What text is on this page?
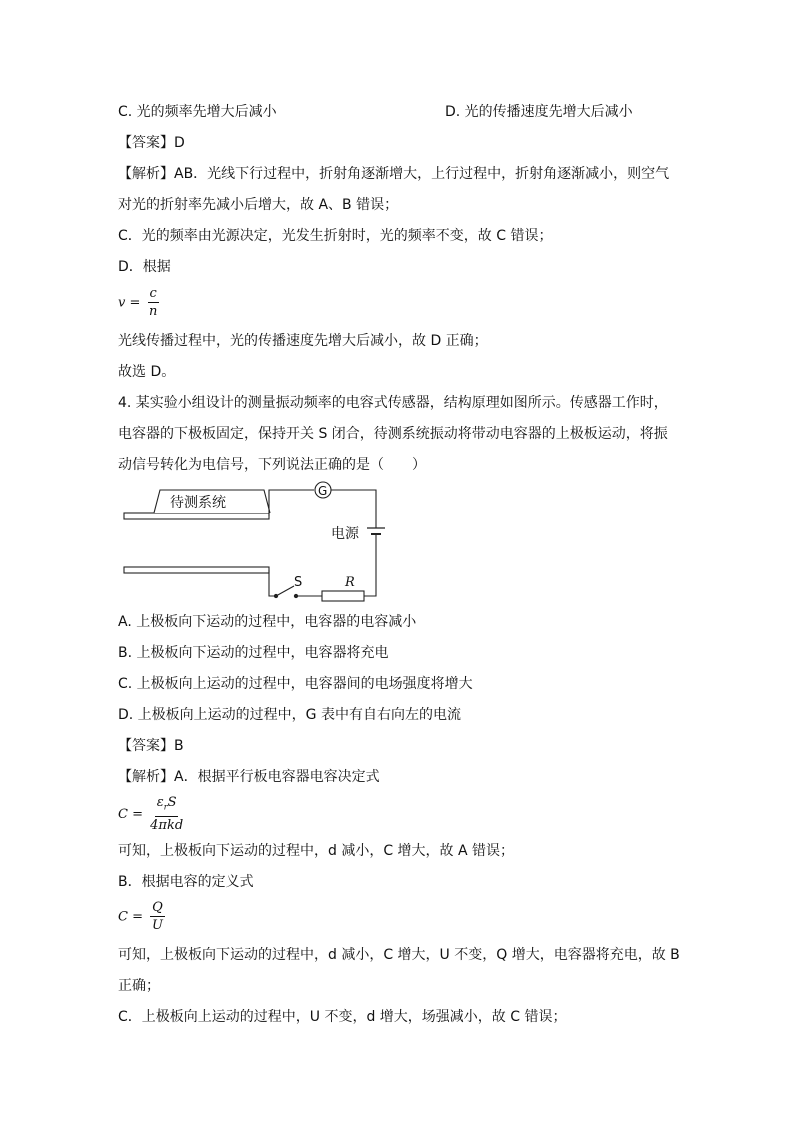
C. 光的频率先增大后减小	D. 光的传播速度先增大后减小
【答案】D
【解析】AB．光线下行过程中，折射角逐渐增大，上行过程中，折射角逐渐减小，则空气
对光的折射率先减小后增大，故 A、B 错误；
C．光的频率由光源决定，光发生折射时，光的频率不变，故 C 错误；
D．根据
$v = \frac{c}{n}$
光线传播过程中，光的传播速度先增大后减小，故 D 正确；
故选 D。
4. 某实验小组设计的测量振动频率的电容式传感器，结构原理如图所示。传感器工作时，
电容器的下极板固定，保持开关 S 闭合，待测系统振动将带动电容器的上极板运动，将振
动信号转化为电信号，下列说法正确的是（　　）
待测系统
G
电源
S	R
A. 上极板向下运动的过程中，电容器的电容减小
B. 上极板向下运动的过程中，电容器将充电
C. 上极板向上运动的过程中，电容器间的电场强度将增大
D. 上极板向上运动的过程中，G 表中有自右向左的电流
【答案】B
【解析】A．根据平行板电容器电容决定式
$C = \frac{\varepsilon_rS}{\text{4πkd}}$
可知，上极板向下运动的过程中，d 减小，C 增大，故 A 错误；
B．根据电容的定义式
$C = \frac{Q}{U}$
可知，上极板向下运动的过程中，d 减小，C 增大，U 不变，Q 增大，电容器将充电，故 B
正确；
C．上极板向上运动的过程中，U 不变，d 增大，场强减小，故 C 错误；
